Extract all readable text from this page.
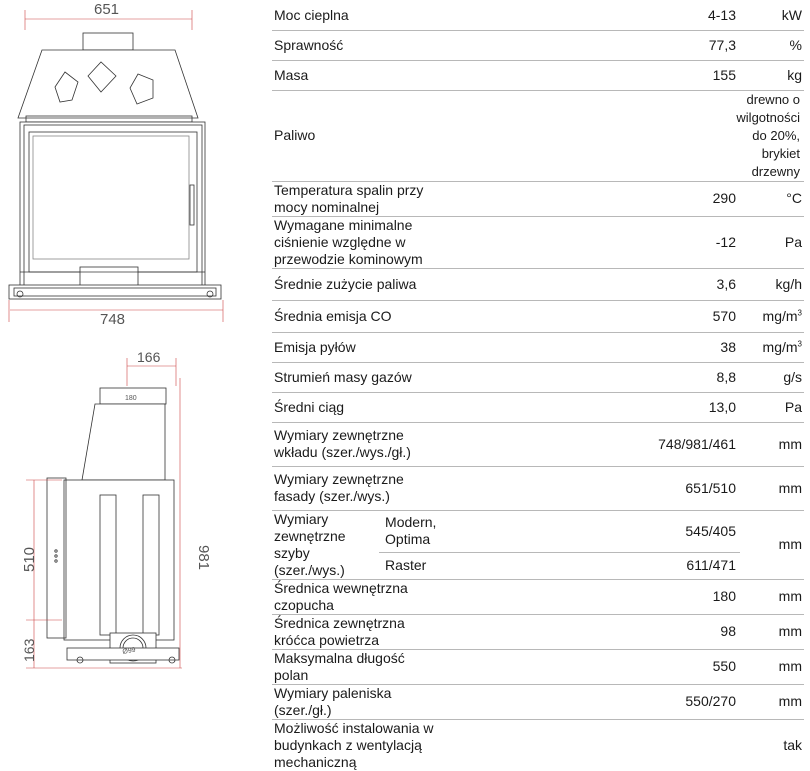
651
748
166
180
981
510
163	Ø99
Moc cieplna		4-13	kW
Sprawność		77,3	%
Masa		155	kg
Paliwo		drewno o wilgotności do 20%, brykiet drzewny	
Temperatura spalin przy mocy nominalnej		290	°C
Wymagane minimalne ciśnienie względne w przewodzie kominowym		-12	Pa
Średnie zużycie paliwa		3,6	kg/h
Średnia emisja CO		570	$mg/m^3$
Emisja pyłów		38	$mg/m^3$
Strumień masy gazów		8,8	g/s
Średni ciąg		13,0	Pa
Wymiary zewnętrzne wkładu (szer./wys./gł.)		748/981/461	mm
Wymiary zewnętrzne fasady (szer./wys.)		651/510	mm
Wymiary zewnętrzne szyby (szer./wys.)	Modern, Optima	545/405	mm
	Raster	611/471	
Średnica wewnętrzna czopucha		180	mm
Średnica zewnętrzna króćca powietrza		98	mm
Maksymalna długość polan		550	mm
Wymiary paleniska (szer./gł.)		550/270	mm
Możliwość instalowania w budynkach z wentylacją mechaniczną			tak
